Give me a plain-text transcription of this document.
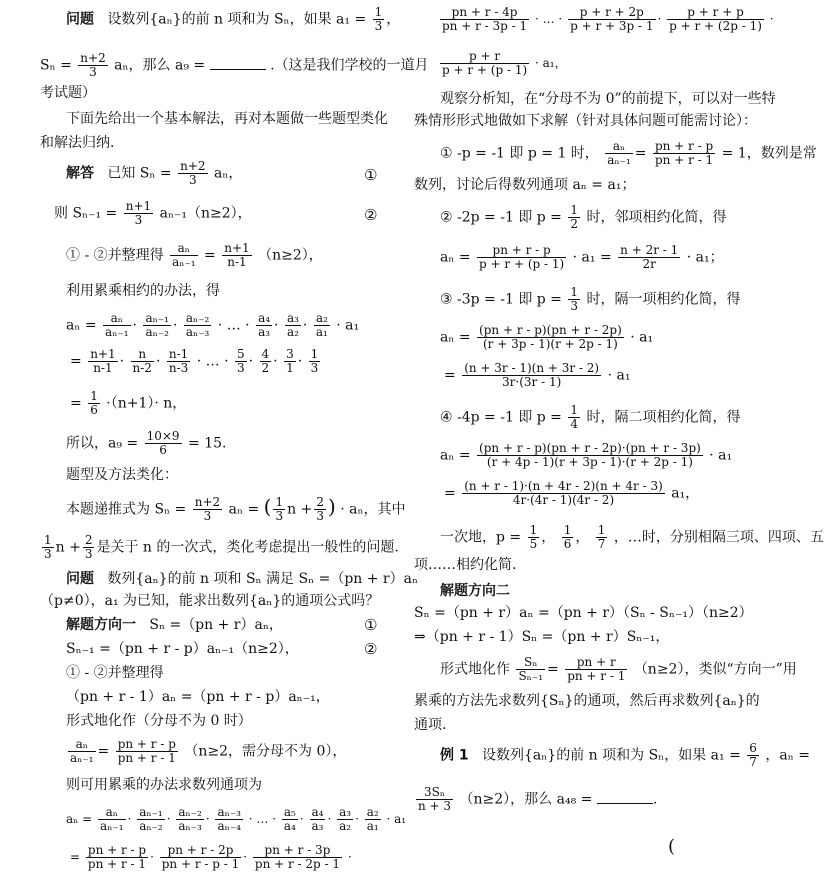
问题 设数列{aₙ}的前 n 项和为 Sₙ，如果 $a_1 = \frac{1}{3}$ ，
$S_n = \frac{n+2}{3}$ aₙ，那么 a₉ =	.（这是我们学校的一道月
考试题）
下面先给出一个基本解法，再对本题做一些题型类化
和解法归纳.
解答 已知 $S_n = \frac{n+2}{3}$ aₙ，	①
则 $S_{n-1} = \frac{n+1}{3} a_{n-1}(n\ge 2)$，	②
① - ②并整理得 $\frac{\text{aₙ}}{\text{aₙ₋₁}} = \frac{n+1}{n-1} (n\ge 2)$，
利用累乘相约的办法，得
$a_n = \frac{\text{aₙ}}{\text{aₙ₋₁}} \cdot \frac{\text{aₙ₋₁}}{\text{aₙ₋₂}} \cdot \frac{\text{aₙ₋₂}}{\text{aₙ₋₃}}$ · … · $\frac{\text{a₄}}{\text{a₃}} \cdot \frac{\text{a₃}}{\text{a₂}} \cdot \frac{\text{a₂}}{\text{a₁}} \cdot a_1$
= $\frac{n+1}{n-1} \cdot \frac{n}{n-2} \cdot \frac{n-1}{n-3}$ · … · $\frac{5}{3} \cdot \frac{4}{2} \cdot \frac{3}{1} \cdot \frac{1}{3}$
= $\frac{1}{6} \cdot(n+1)\cdot n$，
所以，$a_9 = \frac{10\times 9}{6} = 15$.
题型及方法类化：
本题递推式为 $S_n = \frac{n+2}{3}$ aₙ = ( $\frac{1}{3}$ $n + \frac{2}{3}$ ) · aₙ，其中
$\frac{1}{3}$ $n + \frac{2}{3}$ 是关于 n 的一次式，类化考虑提出一般性的问题.
问题 数列{aₙ}的前 n 项和 Sₙ 满足 Sₙ =（pn + r）aₙ
（p≠0），a₁ 为已知，能求出数列{aₙ}的通项公式吗？
解题方向一 Sₙ =（pn + r）aₙ，	①
Sₙ₋₁ =（pn + r - p）aₙ₋₁（n≥2），	②
① - ②并整理得
（pn + r - 1）aₙ =（pn + r - p）aₙ₋₁，
形式地化作（分母不为 0 时）
$\frac{\text{aₙ}}{\text{aₙ₋₁}} = \frac{pn + r - p}{pn + r - 1} (n\ge 2$，需分母不为 0），
则可用累乘的办法求数列通项为
$a_n = \frac{\text{aₙ}}{\text{aₙ₋₁}} \cdot \frac{\text{aₙ₋₁}}{\text{aₙ₋₂}} \cdot \frac{\text{aₙ₋₂}}{\text{aₙ₋₃}} \cdot \frac{\text{aₙ₋₃}}{\text{aₙ₋₄}}$ · … · $\frac{\text{a₅}}{\text{a₄}} \cdot \frac{\text{a₄}}{\text{a₃}} \cdot \frac{\text{a₃}}{\text{a₂}} \cdot \frac{\text{a₂}}{\text{a₁}} \cdot a_1$
= $\frac{pn + r - p}{pn + r - 1} \cdot \frac{pn + r - 2p}{pn + r - p - 1} \cdot \frac{pn + r - 3p}{pn + r - 2p - 1}$ ·
$\frac{pn + r - 4p}{pn + r - 3p - 1}$ · … · $\frac{p + r + 2p}{p + r + 3p - 1} \cdot \frac{p + r + p}{p + r + (2p - 1)}$ ·
$\frac{p + r}{p + r + (p - 1)} \cdot a_1$，
观察分析知，在“分母不为 0”的前提下，可以对一些特
殊情形形式地做如下求解（针对具体问题可能需讨论）：
① -p = -1 即 p = 1 时， $\frac{\text{aₙ}}{\text{aₙ₋₁}} = \frac{pn + r - p}{pn + r - 1} = 1$，数列是常
数列，讨论后得数列通项 aₙ = a₁；
② -2p = -1 即 $p = \frac{1}{2}$ 时，邻项相约化简，得
$a_n = \frac{pn + r - p}{p + r + (p - 1)} \cdot a_1 = \frac{n + 2r - 1}{2r} \cdot a_1$；
③ -3p = -1 即 $p = \frac{1}{3}$ 时，隔一项相约化简，得
$a_n = \frac{(pn + r - p)(pn + r - 2p)}{(r + 3p - 1)(r + 2p - 1)} \cdot a_1$
= $\frac{(n + 3r - 1)(n + 3r - 2)}{3r\cdot(3r - 1)} \cdot a_1$
④ -4p = -1 即 $p = \frac{1}{4}$ 时，隔二项相约化简，得
$a_n = \frac{(pn + r - p)(pn + r - 2p)\cdot(pn + r - 3p)}{(r + 4p - 1)(r + 3p - 1)\cdot(r + 2p - 1)} \cdot a_1$
= $\frac{(n + r - 1)\cdot(n + 4r - 2)(n + 4r - 3)}{4r\cdot(4r - 1)(4r - 2)} a_1$，
一次地，$p = \frac{1}{5}$ ， $\frac{1}{6}$ ， $\frac{1}{7}$ ，…时，分别相隔三项、四项、五
项……相约化简.
解题方向二
Sₙ =（pn + r）aₙ =（pn + r）（Sₙ - Sₙ₋₁）（n≥2）
⇒（pn + r - 1）Sₙ =（pn + r）Sₙ₋₁，
形式地化作 $\frac{\text{Sₙ}}{\text{Sₙ₋₁}} = \frac{pn + r}{pn + r - 1} (n\ge 2)$，类似“方向一”用
累乘的方法先求数列{Sₙ}的通项，然后再求数列{aₙ}的
通项.
例 1 设数列{aₙ}的前 n 项和为 Sₙ，如果 $a_1 = \frac{6}{7}$ ，aₙ =
$\frac{\text{3Sₙ}}{n + 3} (n\ge 2)$，那么 a₄₈ =	.
(
